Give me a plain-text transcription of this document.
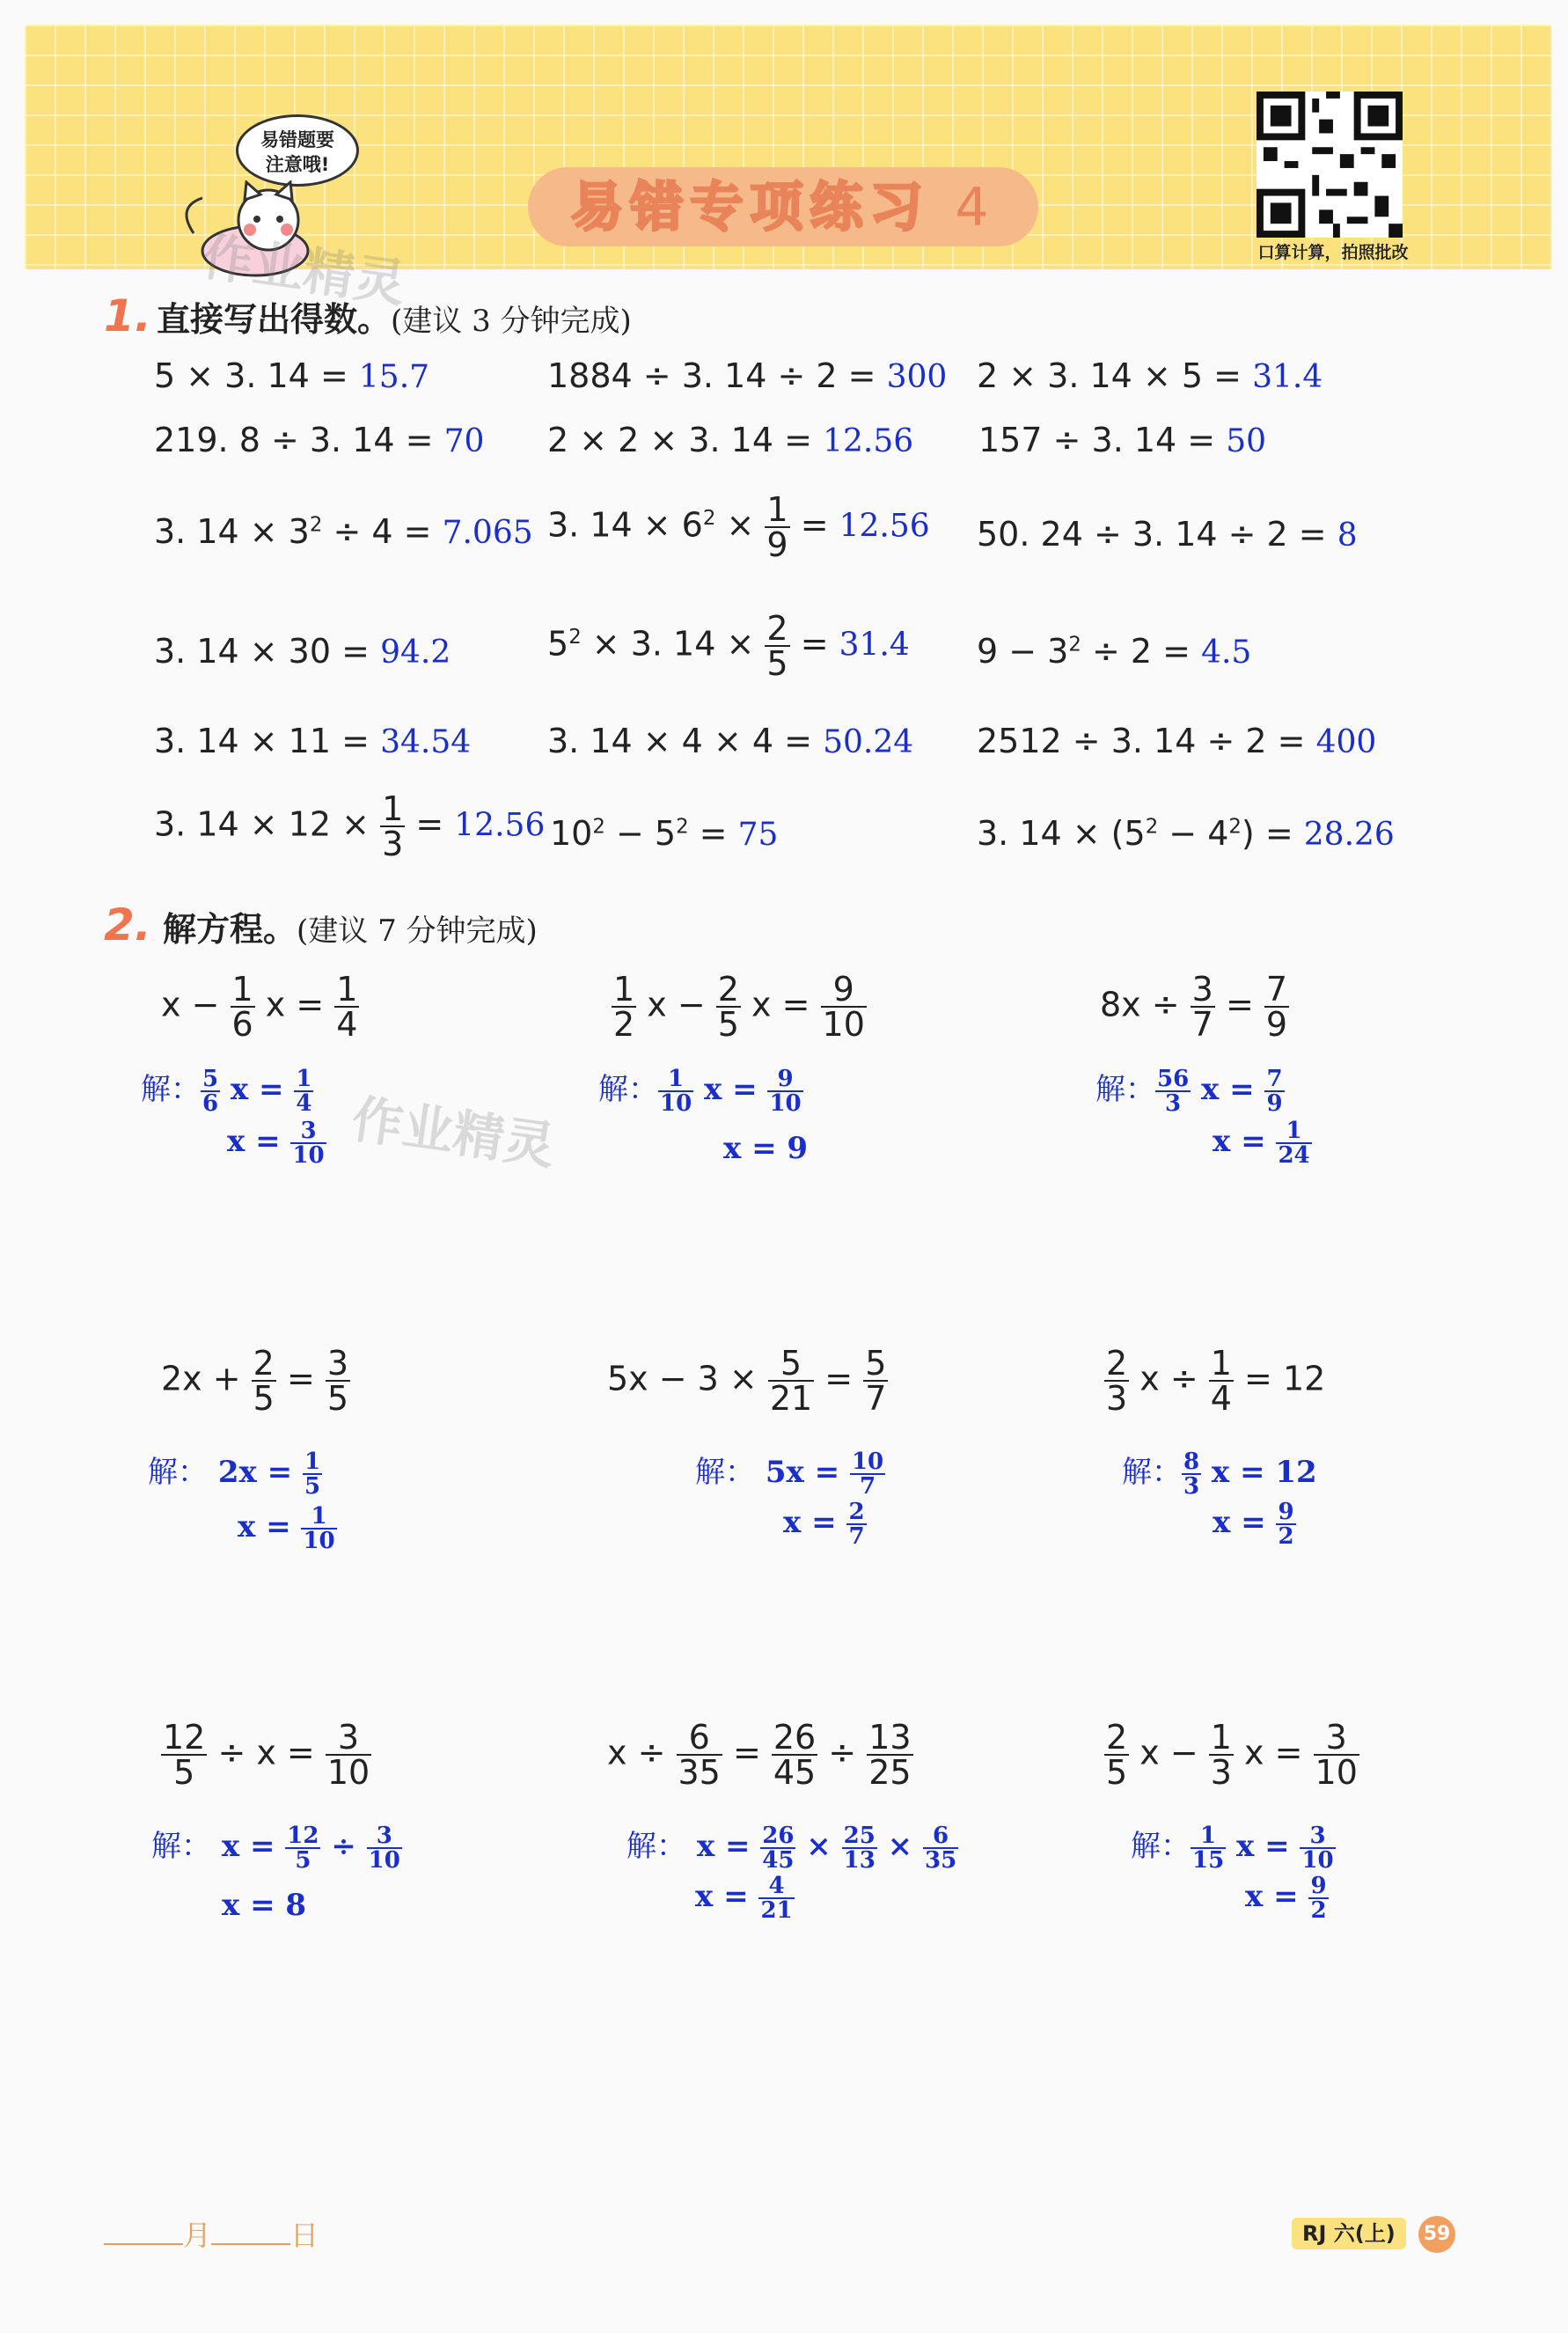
易错题要
注意哦!
易错专项练习 4
口算计算，拍照批改
作业精灵
作业精灵
1. 直接写出得数。(建议 3 分钟完成)
5 × 3. 14 = 15.7	1884 ÷ 3. 14 ÷ 2 = 300 2 × 3. 14 × 5 = 31.4
219. 8 ÷ 3. 14 = 70 2 × 2 × 3. 14 = 12.56 157 ÷ 3. 14 = 50
3. $14 \times 3^2 \div 4 = 7.065$ 3. $14 \times 6^2 \times \frac{1}{9} = 12.56$ 50. 24 ÷ 3. 14 ÷ 2 = 8
3. 14 × 30 = 94.2	$5^2 \times 3$. $14 \times \frac{2}{5} = 31.4$ $9 - 3^2 \div 2 = 4.5$
3. 14 × 11 = 34.54 3. 14 × 4 × 4 = 50.24 2512 ÷ 3. 14 ÷ 2 = 400
3. $14 \times 12 \times \frac{1}{3} = 12.56$ $10^2 - 5^2 = 75$	3. $14 \times (5^2 - 4^2) = 28.26$
2. 解方程。(建议 7 分钟完成)
$x - \frac{1}{6}$ $x = \frac{1}{4}$	$\frac{1}{2}$ $x - \frac{2}{5}$ $x = \frac{9}{10}$	$8x \div \frac{3}{7} = \frac{7}{9}$
$2x + \frac{2}{5} = \frac{3}{5}$	$5x - 3 \times \frac{5}{21} = \frac{5}{7}$	$\frac{2}{3}$ $x \div \frac{1}{4} = 12$
$\frac{12}{5} \div x = \frac{3}{10}$	$x \div \frac{6}{35} = \frac{26}{45} \div \frac{13}{25}$	$\frac{2}{5}$ $x - \frac{1}{3}$ $x = \frac{3}{10}$
解： $\frac{5}{6}$ $x = \frac{1}{4}$
$x = \frac{3}{10}$
解： $\frac{1}{10}$ $x = \frac{9}{10}$
x = 9
解： $\frac{56}{3}$ $x = \frac{7}{9}$
$x = \frac{1}{24}$
解： $2x = \frac{1}{5}$
$x = \frac{1}{10}$
解： $5x = \frac{10}{7}$
$x = \frac{2}{7}$
解： $\frac{8}{3}$ x = 12
$x = \frac{9}{2}$
解： $x = \frac{12}{5} \div \frac{3}{10}$
x = 8
解： $x = \frac{26}{45} \times \frac{25}{13} \times \frac{6}{35}$
$x = \frac{4}{21}$
解： $\frac{1}{15}$ $x = \frac{3}{10}$
$x = \frac{9}{2}$
月	日	RJ 六(上)	59
